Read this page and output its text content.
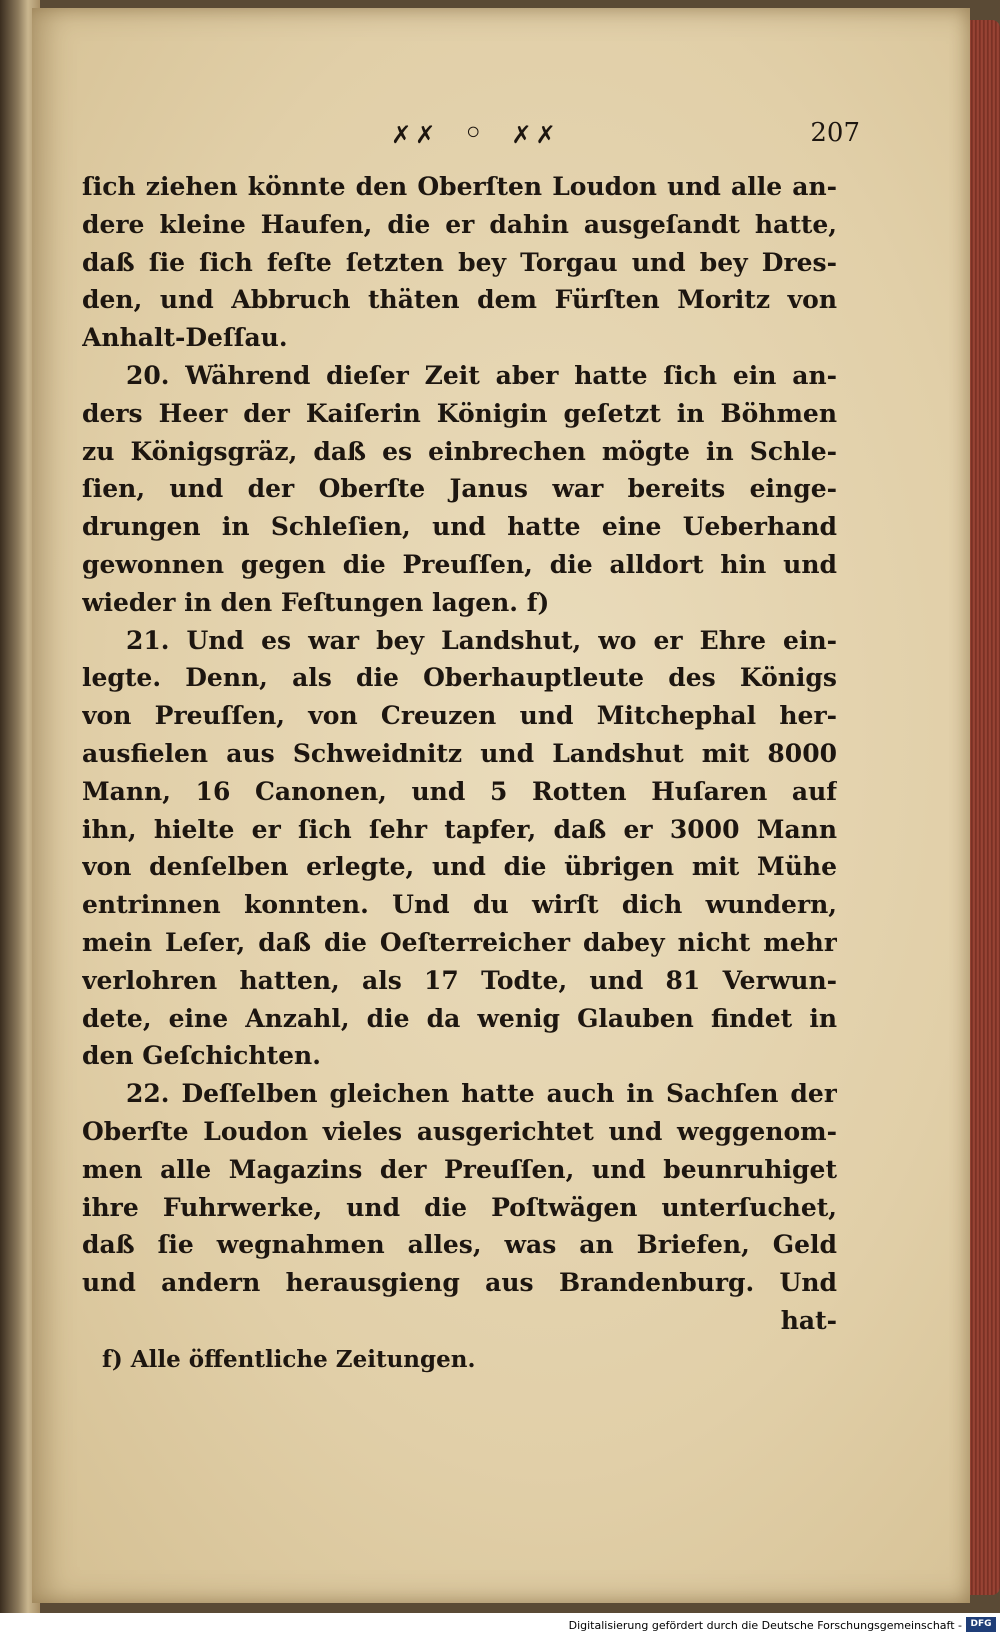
✗✗ ◦ ✗✗	207
ſich ziehen könnte den Oberſten Loudon und alle an-
dere kleine Haufen, die er dahin ausgeſandt hatte,
daß ſie ſich feſte ſetzten bey Torgau und bey Dres-
den, und Abbruch thäten dem Fürſten Moritz von
Anhalt-Deſſau.
20. Während dieſer Zeit aber hatte ſich ein an-
ders Heer der Kaiſerin Königin geſetzt in Böhmen
zu Königsgräz, daß es einbrechen mögte in Schle-
ſien, und der Oberſte Janus war bereits einge-
drungen in Schleſien, und hatte eine Ueberhand
gewonnen gegen die Preuſſen, die alldort hin und
wieder in den Feſtungen lagen. f)
21. Und es war bey Landshut, wo er Ehre ein-
legte. Denn, als die Oberhauptleute des Königs
von Preuſſen, von Creuzen und Mitchephal her-
ausfielen aus Schweidnitz und Landshut mit 8000
Mann, 16 Canonen, und 5 Rotten Huſaren auf
ihn, hielte er ſich ſehr tapfer, daß er 3000 Mann
von denſelben erlegte, und die übrigen mit Mühe
entrinnen konnten. Und du wirſt dich wundern,
mein Leſer, daß die Oeſterreicher dabey nicht mehr
verlohren hatten, als 17 Todte, und 81 Verwun-
dete, eine Anzahl, die da wenig Glauben findet in
den Geſchichten.
22. Deſſelben gleichen hatte auch in Sachſen der
Oberſte Loudon vieles ausgerichtet und weggenom-
men alle Magazins der Preuſſen, und beunruhiget
ihre Fuhrwerke, und die Poſtwägen unterſuchet,
daß ſie wegnahmen alles, was an Briefen, Geld
und andern herausgieng aus Brandenburg. Und
hat-
f) Alle öffentliche Zeitungen.
Digitalisierung gefördert durch die Deutsche Forschungsgemeinschaft - DFG
